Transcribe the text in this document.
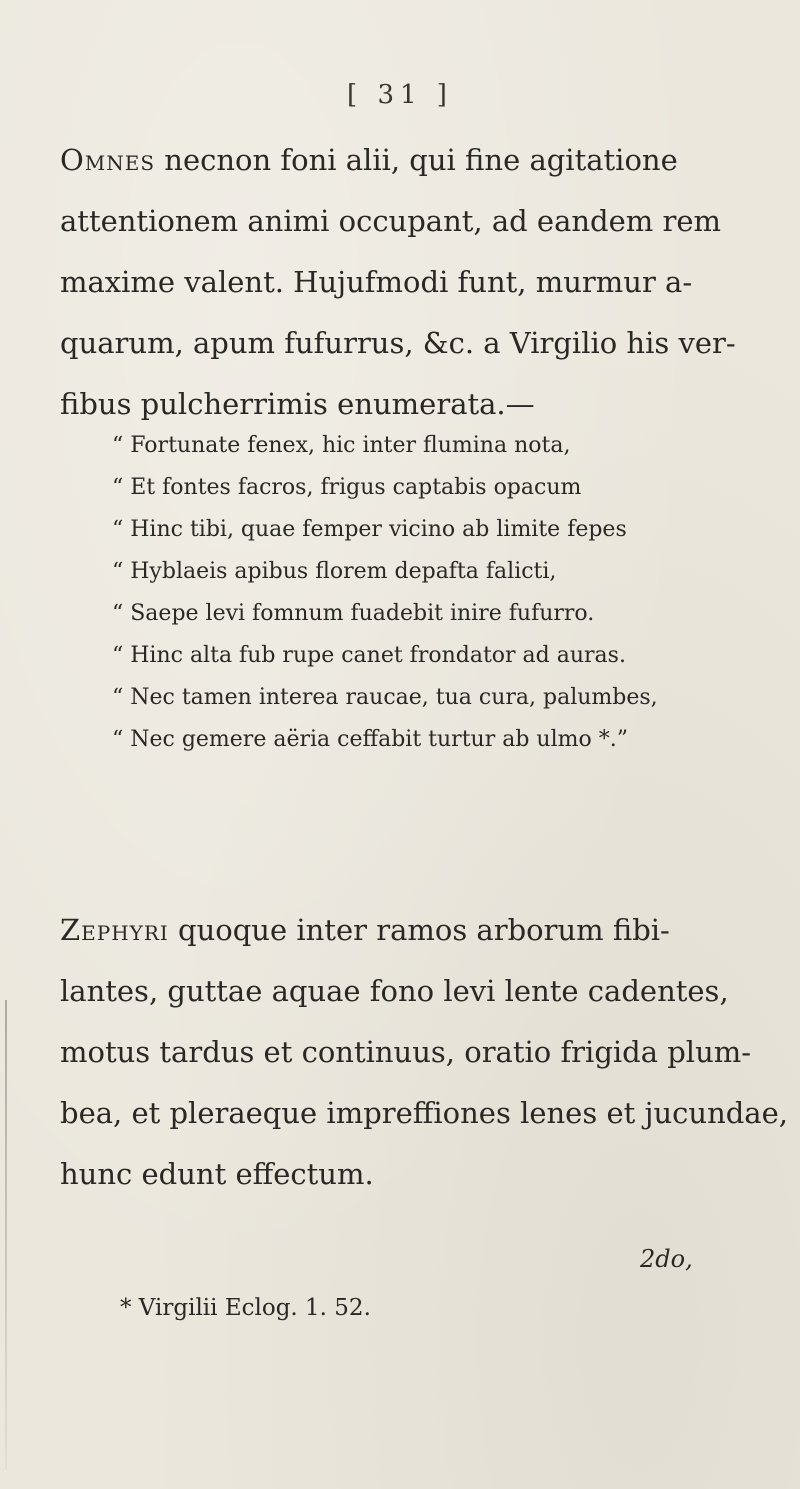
[ 31 ]

Omnes necnon foni alii, qui fine agitatione
attentionem animi occupant, ad eandem rem
maxime valent. Hujufmodi funt, murmur a-
quarum, apum fufurrus, &c. a Virgilio his ver-
fibus pulcherrimis enumerata.—

“ Fortunate fenex, hic inter flumina nota,
“ Et fontes facros, frigus captabis opacum
“ Hinc tibi, quae femper vicino ab limite fepes
“ Hyblaeis apibus florem depafta falicti,
“ Saepe levi fomnum fuadebit inire fufurro.
“ Hinc alta fub rupe canet frondator ad auras.
“ Nec tamen interea raucae, tua cura, palumbes,
“ Nec gemere aëria ceffabit turtur ab ulmo *.”

Zephyri quoque inter ramos arborum fibi-
lantes, guttae aquae fono levi lente cadentes,
motus tardus et continuus, oratio frigida plum-
bea, et pleraeque impreffiones lenes et jucundae,
hunc edunt effectum.

2do,
* Virgilii Eclog. 1. 52.
